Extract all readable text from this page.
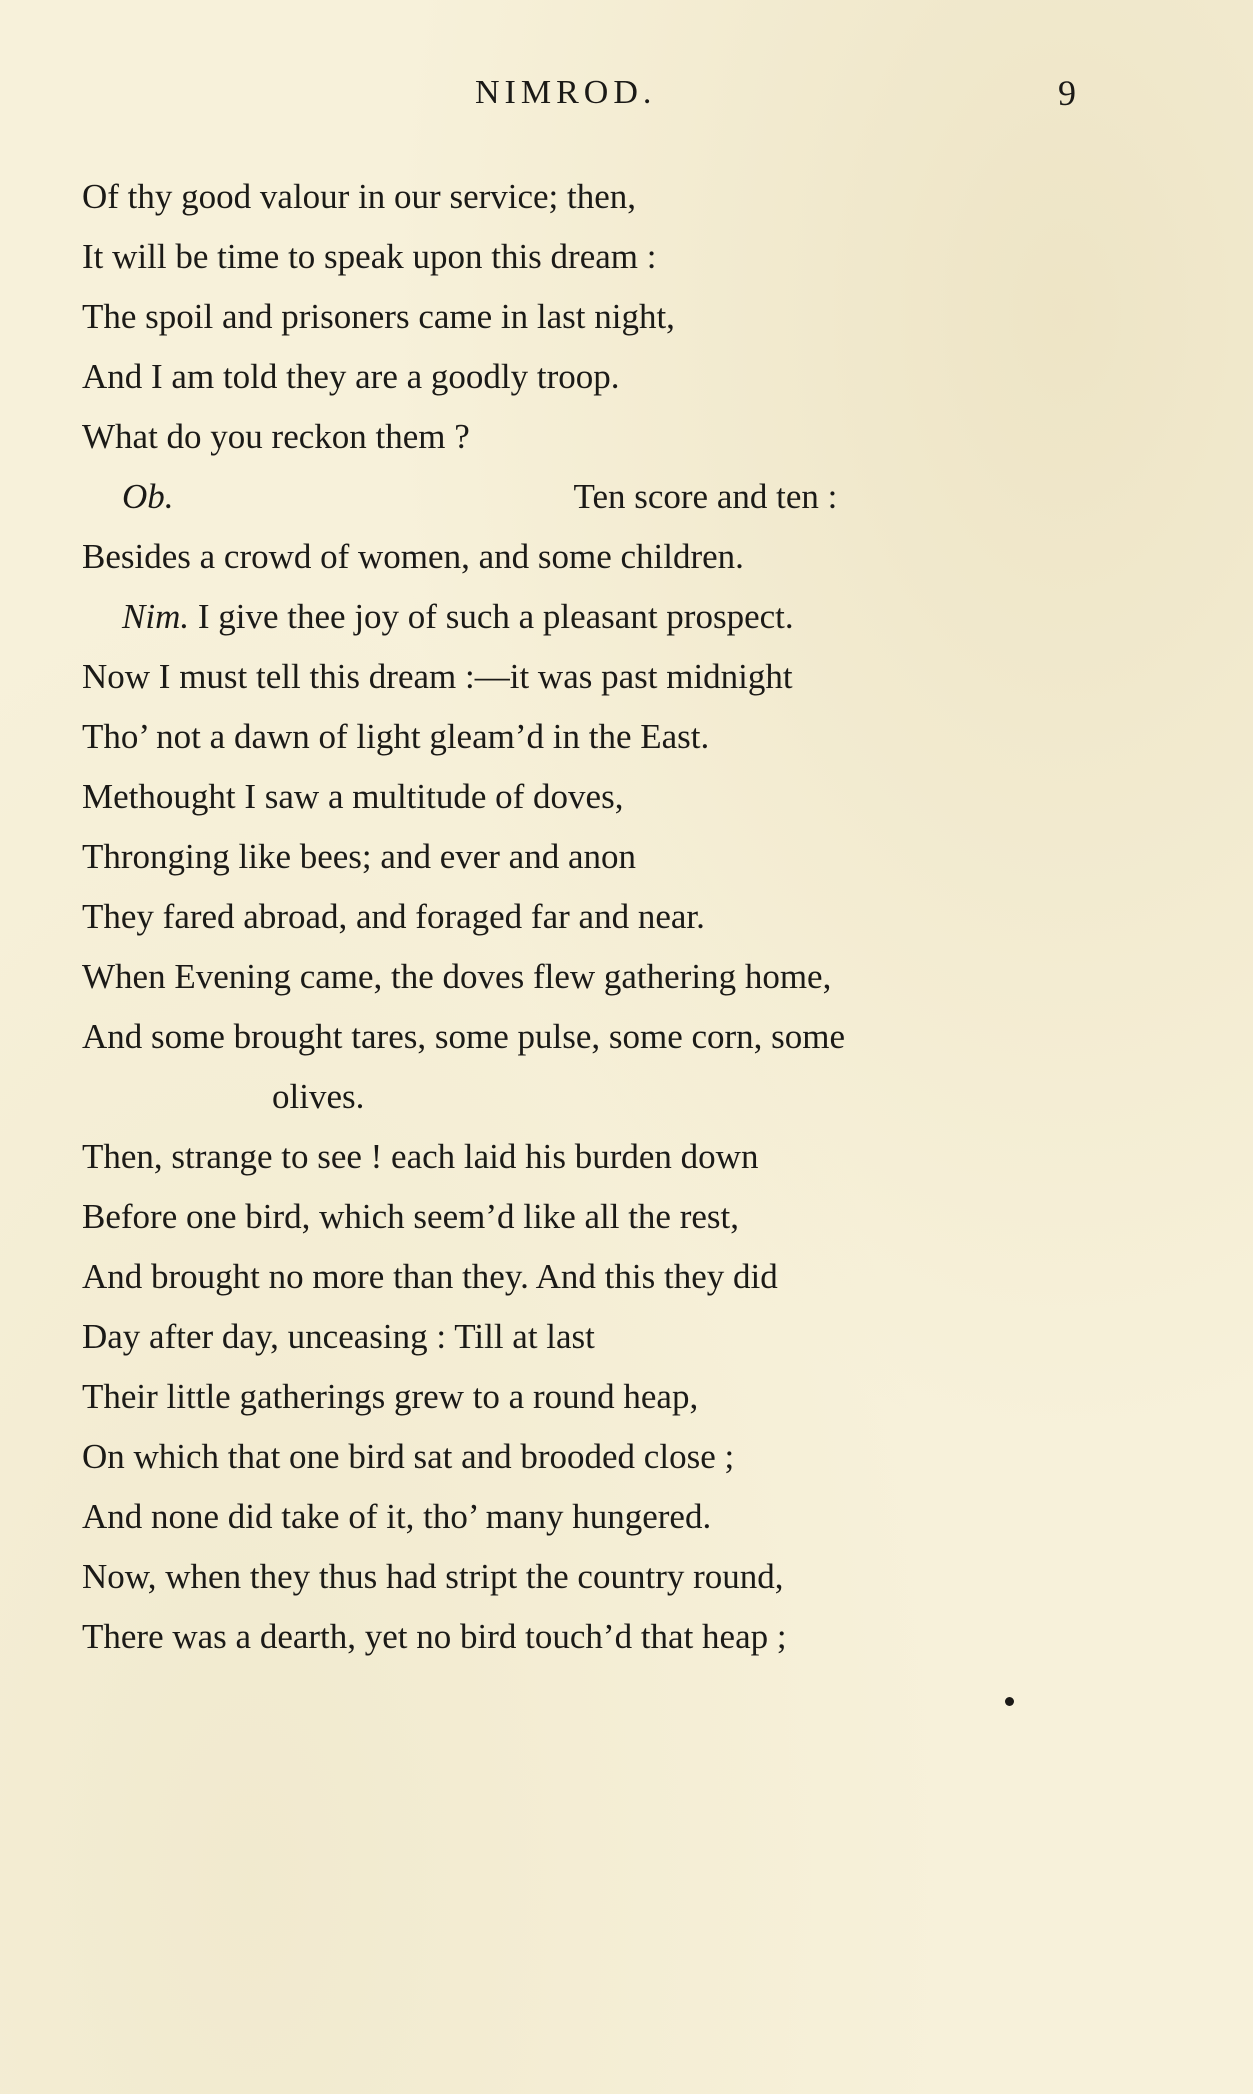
NIMROD.	9
Of thy good valour in our service; then,
It will be time to speak upon this dream :
The spoil and prisoners came in last night,
And I am told they are a goodly troop.
What do you reckon them ?
Ob.	Ten score and ten :
Besides a crowd of women, and some children.
Nim. I give thee joy of such a pleasant prospect.
Now I must tell this dream :—it was past midnight
Tho’ not a dawn of light gleam’d in the East.
Methought I saw a multitude of doves,
Thronging like bees; and ever and anon
They fared abroad, and foraged far and near.
When Evening came, the doves flew gathering home,
And some brought tares, some pulse, some corn, some
olives.
Then, strange to see ! each laid his burden down
Before one bird, which seem’d like all the rest,
And brought no more than they. And this they did
Day after day, unceasing : Till at last
Their little gatherings grew to a round heap,
On which that one bird sat and brooded close ;
And none did take of it, tho’ many hungered.
Now, when they thus had stript the country round,
There was a dearth, yet no bird touch’d that heap ;
